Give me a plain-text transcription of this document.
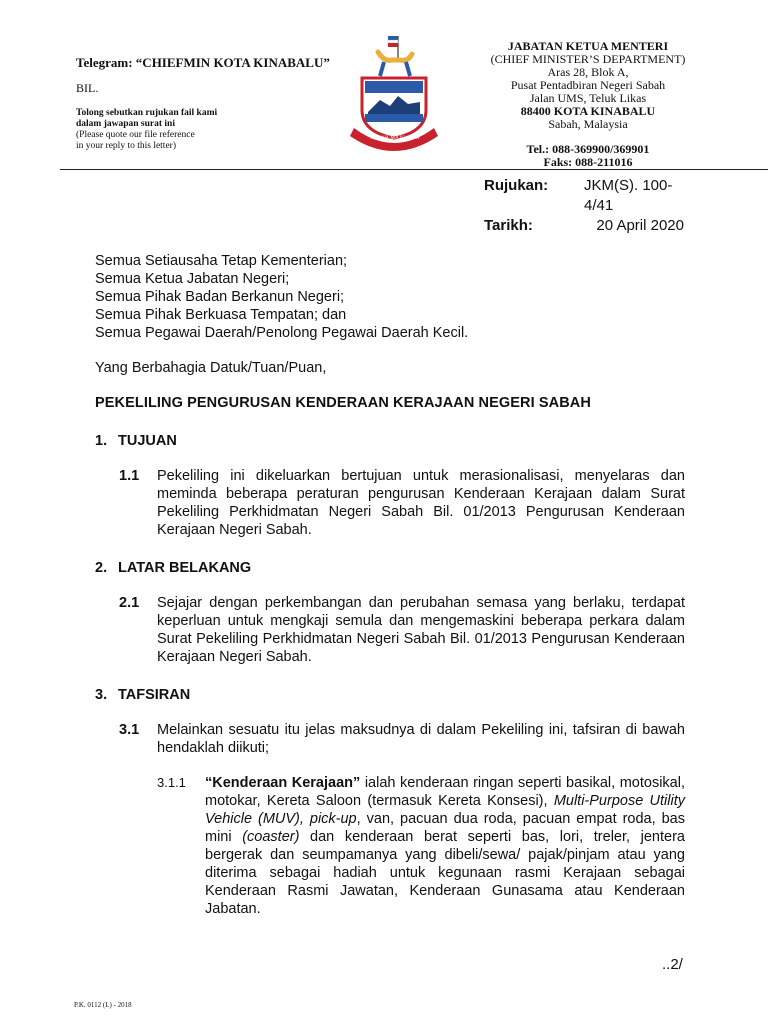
Telegram: “CHIEFMIN KOTA KINABALU”
BIL.
Tolong sebutkan rujukan fail kami
dalam jawapan surat ini
(Please quote our file reference
in your reply to this letter)
SABAH MAJU JAYA
JABATAN KETUA MENTERI
(CHIEF MINISTER’S DEPARTMENT)
Aras 28, Blok A,
Pusat Pentadbiran Negeri Sabah
Jalan UMS, Teluk Likas
88400 KOTA KINABALU
Sabah, Malaysia
Tel.: 088-369900/369901
Faks: 088-211016
Rujukan:	JKM(S). 100-4/41
Tarikh:	20 April 2020
Semua Setiausaha Tetap Kementerian;
Semua Ketua Jabatan Negeri;
Semua Pihak Badan Berkanun Negeri;
Semua Pihak Berkuasa Tempatan; dan
Semua Pegawai Daerah/Penolong Pegawai Daerah Kecil.
Yang Berbahagia Datuk/Tuan/Puan,
PEKELILING PENGURUSAN KENDERAAN KERAJAAN NEGERI SABAH
1. TUJUAN
1.1	Pekeliling ini dikeluarkan bertujuan untuk merasionalisasi, menyelaras dan meminda beberapa peraturan pengurusan Kenderaan Kerajaan dalam Surat Pekeliling Perkhidmatan Negeri Sabah Bil. 01/2013 Pengurusan Kenderaan Kerajaan Negeri Sabah.
2. LATAR BELAKANG
2.1	Sejajar dengan perkembangan dan perubahan semasa yang berlaku, terdapat keperluan untuk mengkaji semula dan mengemaskini beberapa perkara dalam Surat Pekeliling Perkhidmatan Negeri Sabah Bil. 01/2013 Pengurusan Kenderaan Kerajaan Negeri Sabah.
3. TAFSIRAN
3.1	Melainkan sesuatu itu jelas maksudnya di dalam Pekeliling ini, tafsiran di bawah hendaklah diikuti;
3.1.1	“Kenderaan Kerajaan” ialah kenderaan ringan seperti basikal, motosikal, motokar, Kereta Saloon (termasuk Kereta Konsesi), Multi-Purpose Utility Vehicle (MUV), pick-up, van, pacuan dua roda, pacuan empat roda, bas mini (coaster) dan kenderaan berat seperti bas, lori, treler, jentera bergerak dan seumpamanya yang dibeli/sewa/ pajak/pinjam atau yang diterima sebagai hadiah untuk kegunaan rasmi Kerajaan sebagai Kenderaan Rasmi Jawatan, Kenderaan Gunasama atau Kenderaan Jabatan.
..2/
P.K. 0112 (L) - 2018
